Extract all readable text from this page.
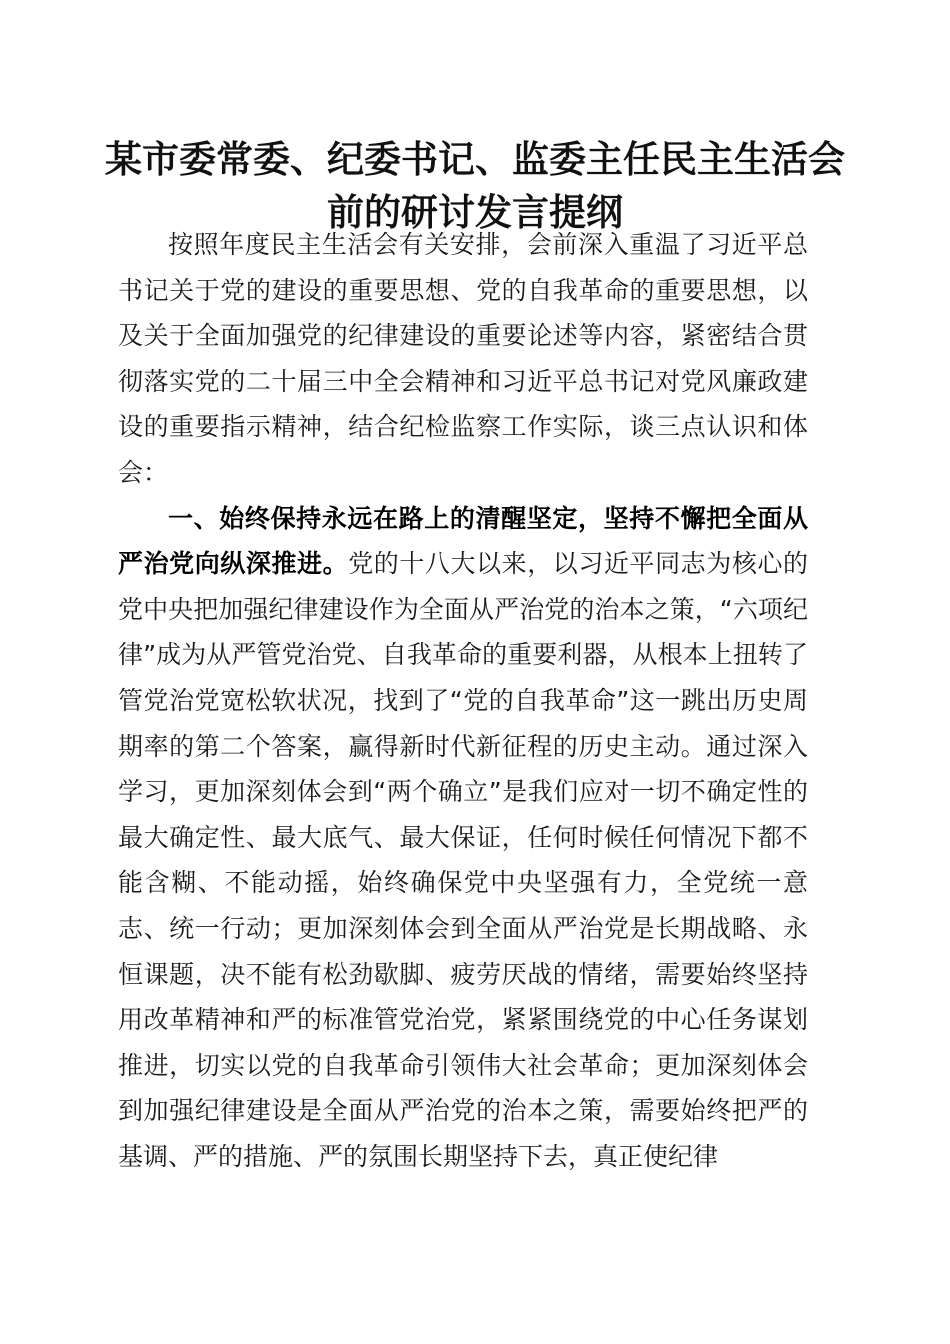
某市委常委、纪委书记、监委主任民主生活会
前的研讨发言提纲

按照年度民主生活会有关安排，会前深入重温了习近平总书记关于党的建设的重要思想、党的自我革命的重要思想，以及关于全面加强党的纪律建设的重要论述等内容，紧密结合贯彻落实党的二十届三中全会精神和习近平总书记对党风廉政建设的重要指示精神，结合纪检监察工作实际，谈三点认识和体会：

一、始终保持永远在路上的清醒坚定，坚持不懈把全面从严治党向纵深推进。党的十八大以来，以习近平同志为核心的党中央把加强纪律建设作为全面从严治党的治本之策，“六项纪律”成为从严管党治党、自我革命的重要利器，从根本上扭转了管党治党宽松软状况，找到了“党的自我革命”这一跳出历史周期率的第二个答案，赢得新时代新征程的历史主动。通过深入学习，更加深刻体会到“两个确立”是我们应对一切不确定性的最大确定性、最大底气、最大保证，任何时候任何情况下都不能含糊、不能动摇，始终确保党中央坚强有力，全党统一意志、统一行动；更加深刻体会到全面从严治党是长期战略、永恒课题，决不能有松劲歇脚、疲劳厌战的情绪，需要始终坚持用改革精神和严的标准管党治党，紧紧围绕党的中心任务谋划推进，切实以党的自我革命引领伟大社会革命；更加深刻体会到加强纪律建设是全面从严治党的治本之策，需要始终把严的基调、严的措施、严的氛围长期坚持下去，真正使纪律
